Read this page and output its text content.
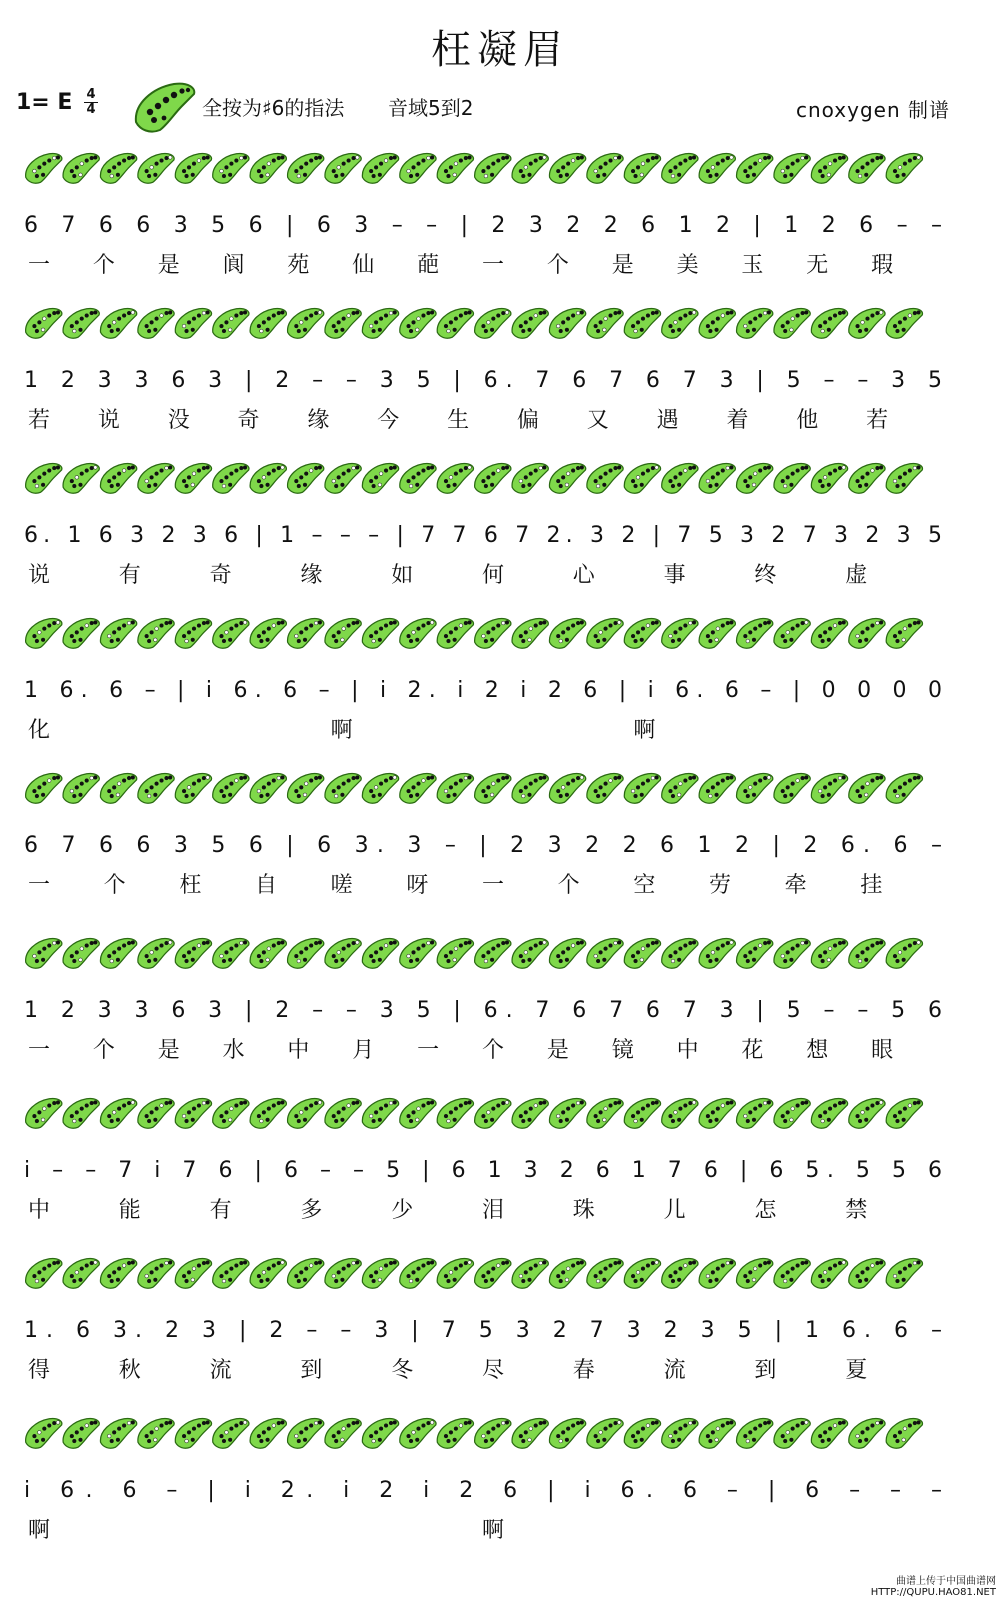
枉凝眉
1= E 4
4	全按为♯6的指法 音域5到2	cnoxygen 制谱
6 7 6 6 3 5 6 | 6 3 – – | 2 3 2 2 6 1 2 | 1 2 6 – –
一 个 是 阆 苑 仙 葩 一 个 是 美 玉 无 瑕
1 2 3 3 6 3 | 2 – – 3 5 | 6. 7 6 7 6 7 3 | 5 – – 3 5
若 说 没 奇 缘 今 生 偏 又 遇 着 他 若
6. 1 6 3 2 3 6 | 1 – – – | 7 7 6 7 2. 3 2 | 7 5 3 2 7 3 2 3 5
说	有	奇	缘	如	何	心	事	终	虚
1 6. 6 – | i 6. 6 – | i 2. i 2 i 2 6 | i 6. 6 – | 0 0 0 0
化	啊	啊
6 7 6 6 3 5 6 | 6 3. 3 – | 2 3 2 2 6 1 2 | 2 6. 6 –
一 个 枉 自 嗟 呀 一 个 空 劳 牵 挂
1 2 3 3 6 3 | 2 – – 3 5 | 6. 7 6 7 6 7 3 | 5 – – 5 6
一 个 是 水 中 月 一 个 是 镜 中 花 想 眼
i – – 7 i 7 6 | 6 – – 5 | 6 1 3 2 6 1 7 6 | 6 5. 5 5 6
中	能	有	多	少	泪	珠	儿	怎	禁
1. 6 3. 2 3 | 2 – – 3 | 7 5 3 2 7 3 2 3 5 | 1 6. 6 –
得	秋	流	到	冬	尽	春	流	到	夏
i 6. 6 – | i 2. i 2 i 2 6 | i 6. 6 – | 6 – – –
啊	啊
曲谱上传于中国曲谱网
HTTP://QUPU.HAO81.NET
